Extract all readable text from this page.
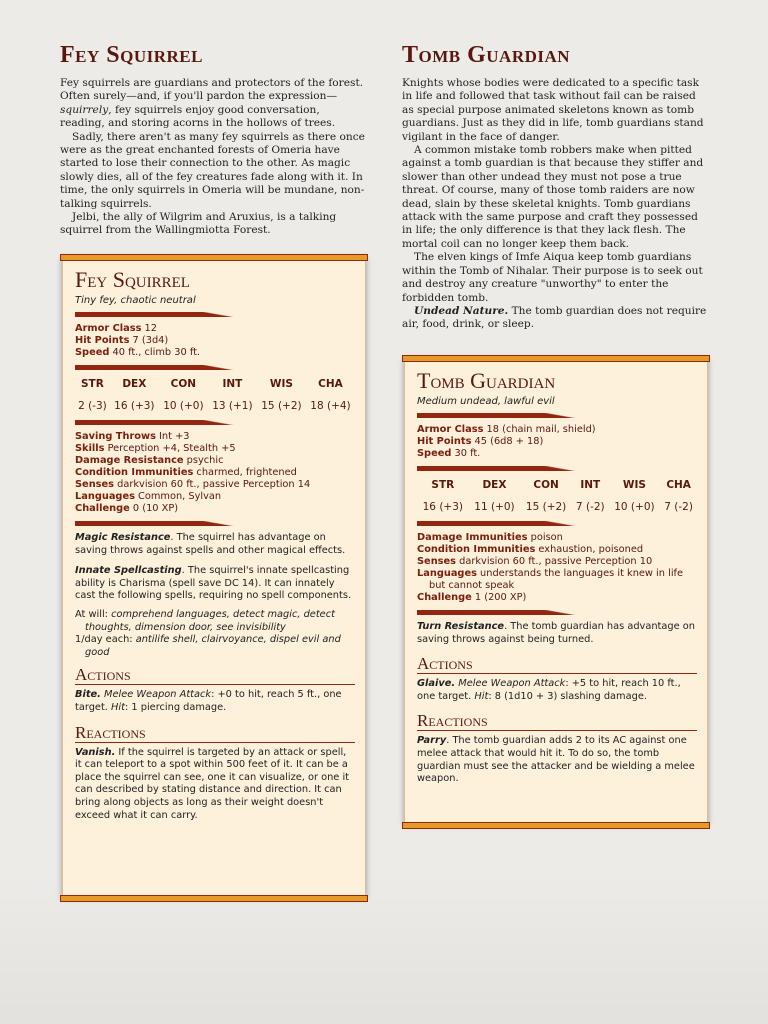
Fey Squirrel

Fey squirrels are guardians and protectors of the forest. Often surely—and, if you'll pardon the expression—squirrely, fey squirrels enjoy good conversation, reading, and storing acorns in the hollows of trees.

Sadly, there aren't as many fey squirrels as there once were as the great enchanted forests of Omeria have started to lose their connection to the other. As magic slowly dies, all of the fey creatures fade along with it. In time, the only squirrels in Omeria will be mundane, non-talking squirrels.

Jelbi, the ally of Wilgrim and Aruxius, is a talking squirrel from the Wallingmiotta Forest.

Tomb Guardian

Knights whose bodies were dedicated to a specific task in life and followed that task without fail can be raised as special purpose animated skeletons known as tomb guardians. Just as they did in life, tomb guardians stand vigilant in the face of danger.

A common mistake tomb robbers make when pitted against a tomb guardian is that because they stiffer and slower than other undead they must not pose a true threat. Of course, many of those tomb raiders are now dead, slain by these skeletal knights. Tomb guardians attack with the same purpose and craft they possessed in life; the only difference is that they lack flesh. The mortal coil can no longer keep them back.

The elven kings of Imfe Aiqua keep tomb guardians within the Tomb of Nihalar. Their purpose is to seek out and destroy any creature "unworthy" to enter the forbidden tomb.

Undead Nature. The tomb guardian does not require air, food, drink, or sleep.

Fey Squirrel
Tiny fey, chaotic neutral
Armor Class 12
Hit Points 7 (3d4)
Speed 40 ft., climb 30 ft.
STR	DEX	CON	INT	WIS	CHA
2 (-3)	16 (+3)	10 (+0)	13 (+1)	15 (+2)	18 (+4)
Saving Throws Int +3
Skills Perception +4, Stealth +5
Damage Resistance psychic
Condition Immunities charmed, frightened
Senses darkvision 60 ft., passive Perception 14
Languages Common, Sylvan
Challenge 0 (10 XP)
Magic Resistance. The squirrel has advantage on saving throws against spells and other magical effects.
Innate Spellcasting. The squirrel's innate spellcasting ability is Charisma (spell save DC 14). It can innately cast the following spells, requiring no spell components.
At will: comprehend languages, detect magic, detect thoughts, dimension door, see invisibility
1/day each: antilife shell, clairvoyance, dispel evil and good
Actions
Bite. Melee Weapon Attack: +0 to hit, reach 5 ft., one target. Hit: 1 piercing damage.
Reactions
Vanish. If the squirrel is targeted by an attack or spell, it can teleport to a spot within 500 feet of it. It can be a place the squirrel can see, one it can visualize, or one it can described by stating distance and direction. It can bring along objects as long as their weight doesn't exceed what it can carry.
Tomb Guardian
Medium undead, lawful evil
Armor Class 18 (chain mail, shield)
Hit Points 45 (6d8 + 18)
Speed 30 ft.
STR	DEX	CON	INT	WIS	CHA
16 (+3)	11 (+0)	15 (+2)	7 (-2)	10 (+0)	7 (-2)
Damage Immunities poison
Condition Immunities exhaustion, poisoned
Senses darkvision 60 ft., passive Perception 10
Languages understands the languages it knew in life but cannot speak
Challenge 1 (200 XP)
Turn Resistance. The tomb guardian has advantage on saving throws against being turned.
Actions
Glaive. Melee Weapon Attack: +5 to hit, reach 10 ft., one target. Hit: 8 (1d10 + 3) slashing damage.
Reactions
Parry. The tomb guardian adds 2 to its AC against one melee attack that would hit it. To do so, the tomb guardian must see the attacker and be wielding a melee weapon.
